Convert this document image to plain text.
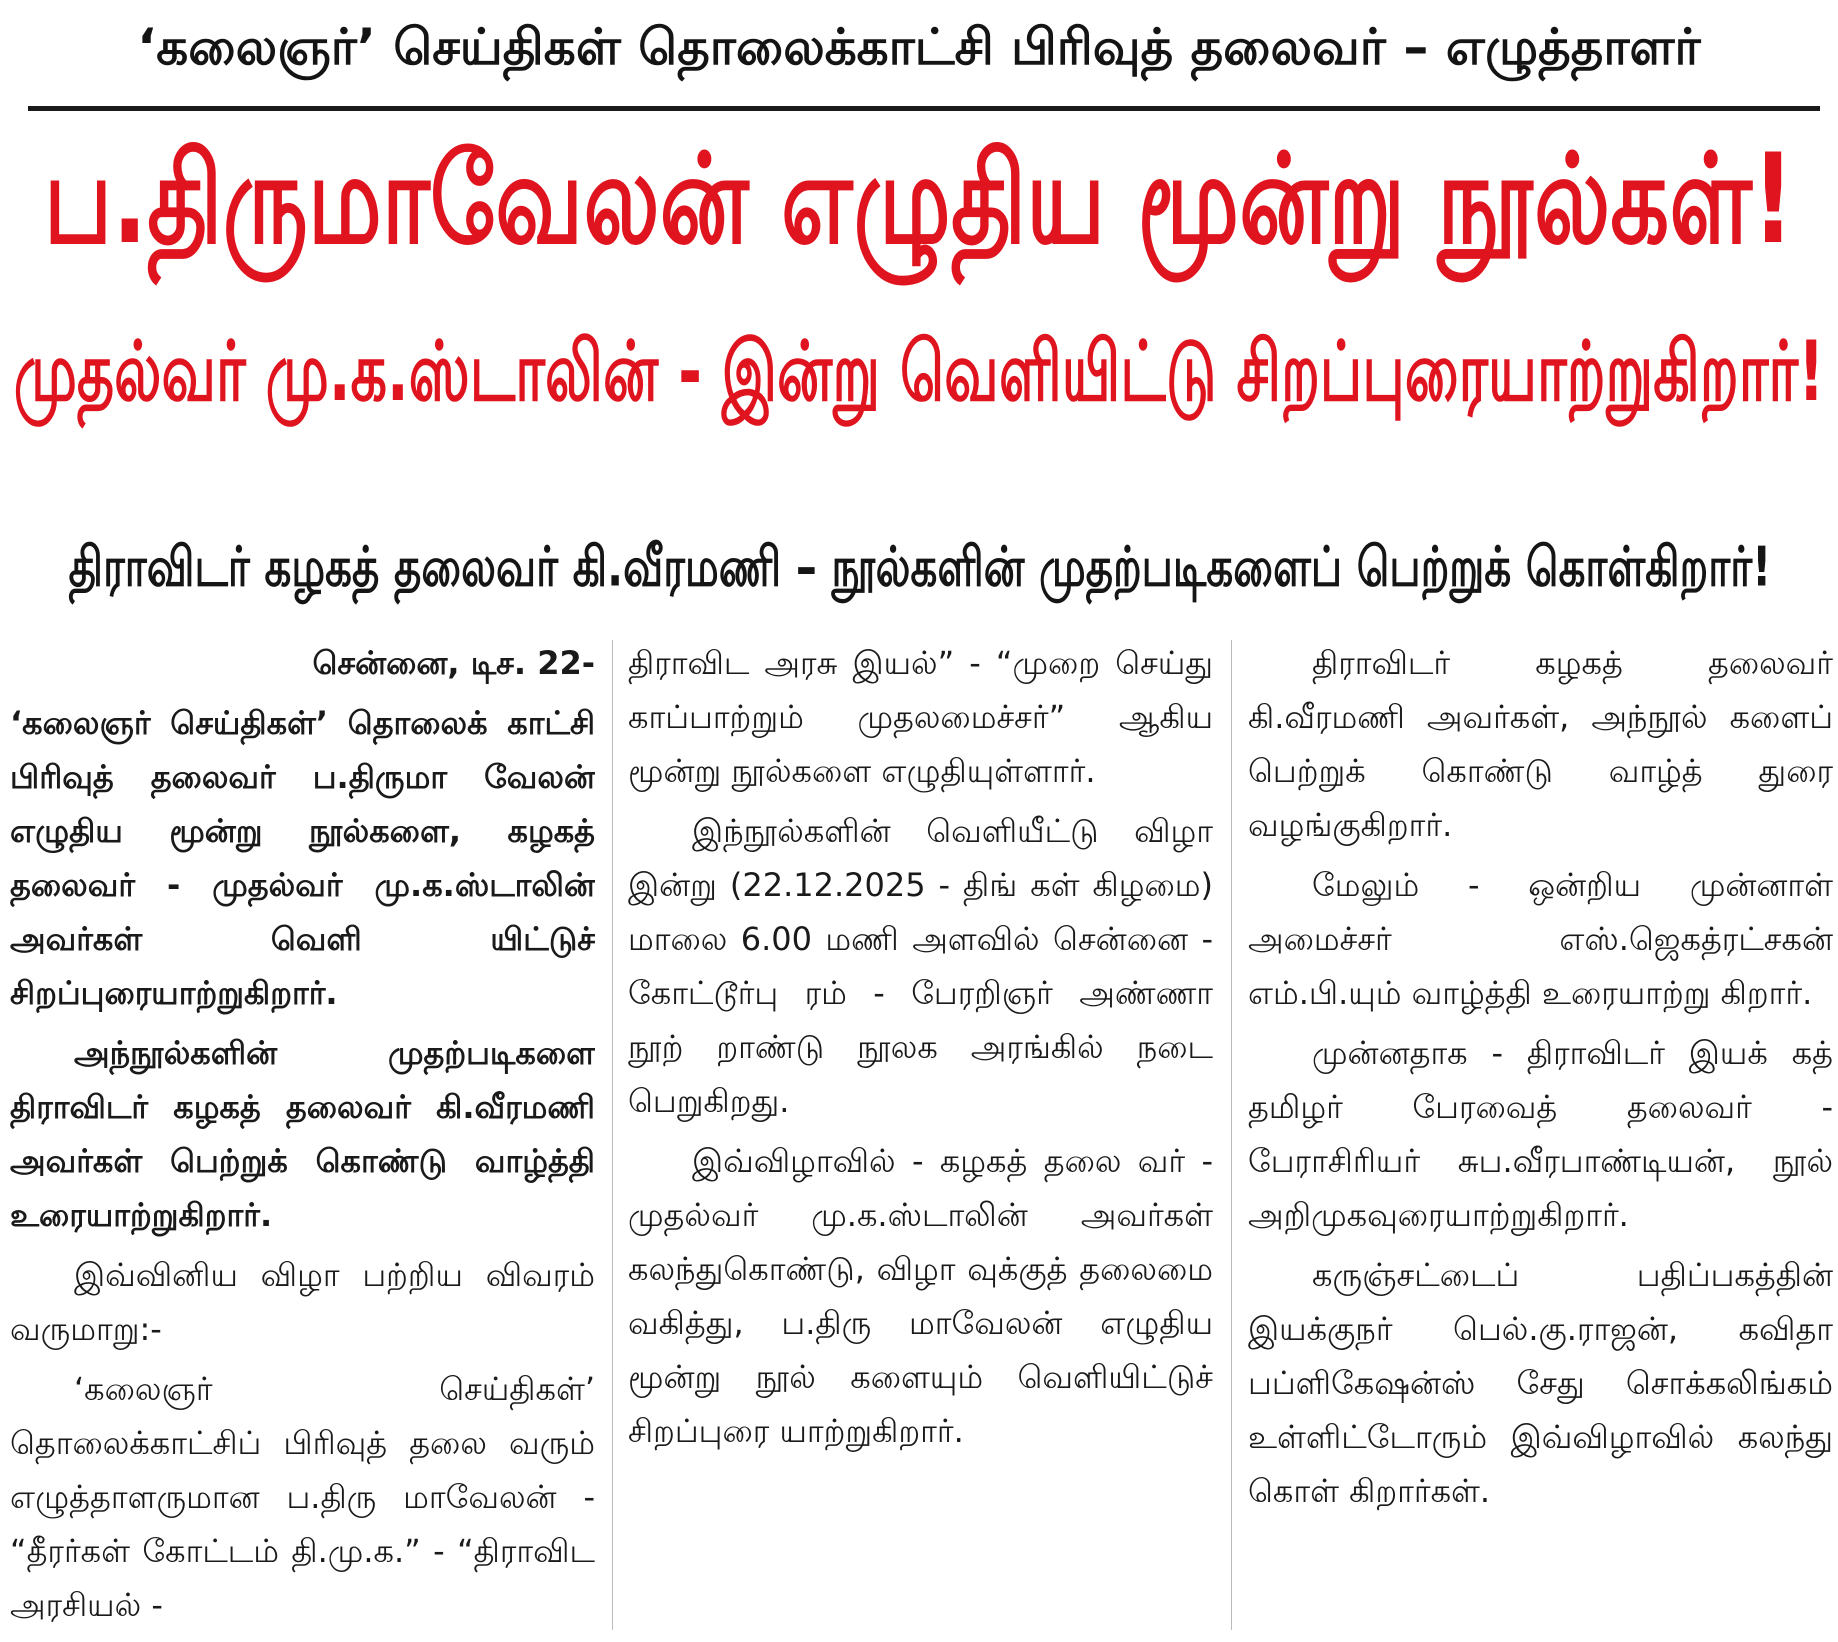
‘கலைஞர்’ செய்திகள் தொலைக்காட்சி பிரிவுத் தலைவர் – எழுத்தாளர்
ப.திருமாவேலன் எழுதிய மூன்று நூல்கள்!
முதல்வர் மு.க.ஸ்டாலின் - இன்று வெளியிட்டு சிறப்புரையாற்றுகிறார்!
திராவிடர் கழகத் தலைவர் கி.வீரமணி – நூல்களின் முதற்படிகளைப் பெற்றுக் கொள்கிறார்!

சென்னை, டிச. 22-

‘கலைஞர் செய்திகள்’ தொலைக் காட்சி பிரிவுத் தலைவர் ப.திருமா வேலன் எழுதிய மூன்று நூல்களை, கழகத் தலைவர் - முதல்வர் மு.க.ஸ்டாலின் அவர்கள் வெளி யிட்டுச் சிறப்புரையாற்றுகிறார்.

அந்நூல்களின் முதற்படிகளை திராவிடர் கழகத் தலைவர் கி.வீரமணி அவர்கள் பெற்றுக் கொண்டு வாழ்த்தி உரையாற்றுகிறார்.

இவ்வினிய விழா பற்றிய விவரம் வருமாறு:-

‘கலைஞர் செய்திகள்’ தொலைக்காட்சிப் பிரிவுத் தலை வரும் எழுத்தாளருமான ப.திரு மாவேலன் - “தீரர்கள் கோட்டம் தி.மு.க.” - “திராவிட அரசியல் -

திராவிட அரசு இயல்” - “முறை செய்து காப்பாற்றும் முதலமைச்சர்” ஆகிய மூன்று நூல்களை எழுதியுள்ளார்.

இந்நூல்களின் வெளியீட்டு விழா இன்று (22.12.2025 - திங் கள் கிழமை) மாலை 6.00 மணி அளவில் சென்னை - கோட்டூர்பு ரம் - பேரறிஞர் அண்ணா நூற் றாண்டு நூலக அரங்கில் நடை பெறுகிறது.

இவ்விழாவில் - கழகத் தலை வர் - முதல்வர் மு.க.ஸ்டாலின் அவர்கள் கலந்துகொண்டு, விழா வுக்குத் தலைமை வகித்து, ப.திரு மாவேலன் எழுதிய மூன்று நூல் களையும் வெளியிட்டுச் சிறப்புரை யாற்றுகிறார்.

திராவிடர் கழகத் தலைவர் கி.வீரமணி அவர்கள், அந்நூல் களைப் பெற்றுக் கொண்டு வாழ்த் துரை வழங்குகிறார்.

மேலும் - ஒன்றிய முன்னாள் அமைச்சர் எஸ்.ஜெகத்ரட்சகன் எம்.பி.யும் வாழ்த்தி உரையாற்று கிறார்.

முன்னதாக - திராவிடர் இயக் கத் தமிழர் பேரவைத் தலைவர் - பேராசிரியர் சுப.வீரபாண்டியன், நூல் அறிமுகவுரையாற்றுகிறார்.

கருஞ்சட்டைப் பதிப்பகத்தின் இயக்குநர் பெல்.கு.ராஜன், கவிதா பப்ளிகேஷன்ஸ் சேது சொக்கலிங்கம் உள்ளிட்டோரும் இவ்விழாவில் கலந்து கொள் கிறார்கள்.
